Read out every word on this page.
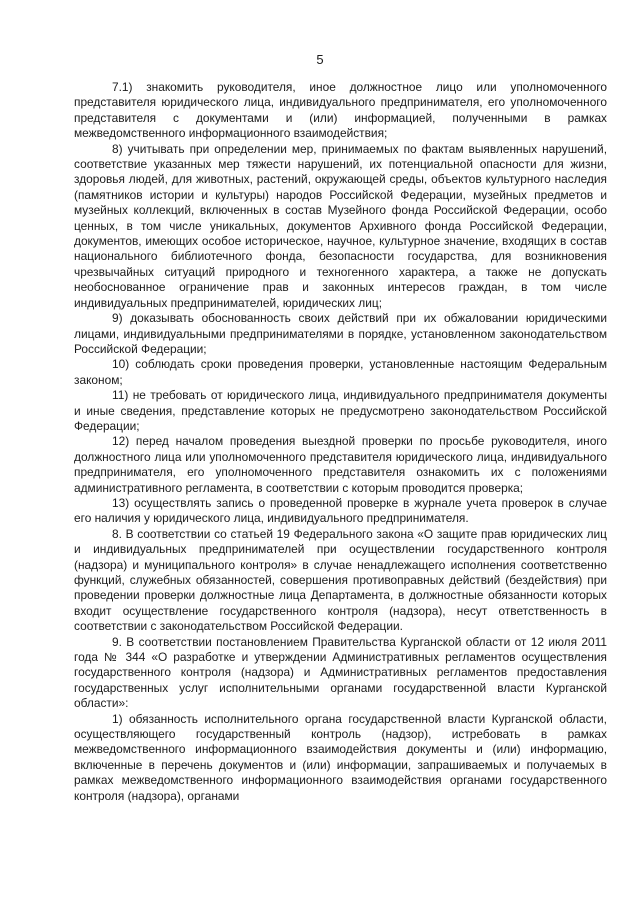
5

7.1) знакомить руководителя, иное должностное лицо или уполномоченного представителя юридического лица, индивидуального предпринимателя, его уполномоченного представителя с документами и (или) информацией, полученными в рамках межведомственного информационного взаимодействия;

8) учитывать при определении мер, принимаемых по фактам выявленных нарушений, соответствие указанных мер тяжести нарушений, их потенциальной опасности для жизни, здоровья людей, для животных, растений, окружающей среды, объектов культурного наследия (памятников истории и культуры) народов Российской Федерации, музейных предметов и музейных коллекций, включенных в состав Музейного фонда Российской Федерации, особо ценных, в том числе уникальных, документов Архивного фонда Российской Федерации, документов, имеющих особое историческое, научное, культурное значение, входящих в состав национального библиотечного фонда, безопасности государства, для возникновения чрезвычайных ситуаций природного и техногенного характера, а также не допускать необоснованное ограничение прав и законных интересов граждан, в том числе индивидуальных предпринимателей, юридических лиц;

9) доказывать обоснованность своих действий при их обжаловании юридическими лицами, индивидуальными предпринимателями в порядке, установленном законодательством Российской Федерации;

10) соблюдать сроки проведения проверки, установленные настоящим Федеральным законом;

11) не требовать от юридического лица, индивидуального предпринимателя документы и иные сведения, представление которых не предусмотрено законодательством Российской Федерации;

12) перед началом проведения выездной проверки по просьбе руководителя, иного должностного лица или уполномоченного представителя юридического лица, индивидуального предпринимателя, его уполномоченного представителя ознакомить их с положениями административного регламента, в соответствии с которым проводится проверка;

13) осуществлять запись о проведенной проверке в журнале учета проверок в случае его наличия у юридического лица, индивидуального предпринимателя.

8. В соответствии со статьей 19 Федерального закона «О защите прав юридических лиц и индивидуальных предпринимателей при осуществлении государственного контроля (надзора) и муниципального контроля» в случае ненадлежащего исполнения соответственно функций, служебных обязанностей, совершения противоправных действий (бездействия) при проведении проверки должностные лица Департамента, в должностные обязанности которых входит осуществление государственного контроля (надзора), несут ответственность в соответствии с законодательством Российской Федерации.

9. В соответствии постановлением Правительства Курганской области от 12 июля 2011 года № 344 «О разработке и утверждении Административных регламентов осуществления государственного контроля (надзора) и Административных регламентов предоставления государственных услуг исполнительными органами государственной власти Курганской области»:

1) обязанность исполнительного органа государственной власти Курганской области, осуществляющего государственный контроль (надзор), истребовать в рамках межведомственного информационного взаимодействия документы и (или) информацию, включенные в перечень документов и (или) информации, запрашиваемых и получаемых в рамках межведомственного информационного взаимодействия органами государственного контроля (надзора), органами
